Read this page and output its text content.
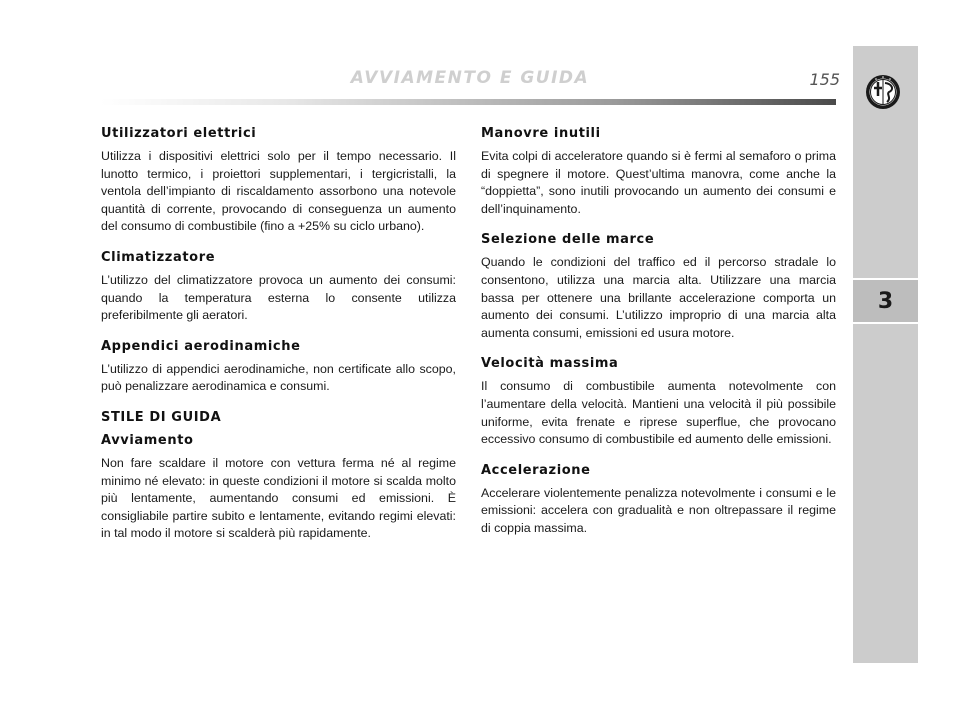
AVVIAMENTO E GUIDA	155
3
Utilizzatori elettrici

Utilizza i dispositivi elettrici solo per il tempo necessario. Il lunotto termico, i proiettori supplementari, i tergicristalli, la ventola dell’impianto di riscaldamento assorbono una notevole quantità di corrente, provocando di conseguenza un aumento del consumo di combustibile (fino a +25% su ciclo urbano).

Climatizzatore

L’utilizzo del climatizzatore provoca un aumento dei consumi: quando la temperatura esterna lo consente utilizza preferibilmente gli aeratori.

Appendici aerodinamiche

L’utilizzo di appendici aerodinamiche, non certificate allo scopo, può penalizzare aerodinamica e consumi.

STILE DI GUIDA
Avviamento

Non fare scaldare il motore con vettura ferma né al regime minimo né elevato: in queste condizioni il motore si scalda molto più lentamente, aumentando consumi ed emissioni. È consigliabile partire subito e lentamente, evitando regimi elevati: in tal modo il motore si scalderà più rapidamente.

Manovre inutili

Evita colpi di acceleratore quando si è fermi al semaforo o prima di spegnere il motore. Quest’ultima manovra, come anche la “doppietta”, sono inutili provocando un aumento dei consumi e dell’inquinamento.

Selezione delle marce

Quando le condizioni del traffico ed il percorso stradale lo consentono, utilizza una marcia alta. Utilizzare una marcia bassa per ottenere una brillante accelerazione comporta un aumento dei consumi. L’utilizzo improprio di una marcia alta aumenta consumi, emissioni ed usura motore.

Velocità massima

Il consumo di combustibile aumenta notevolmente con l’aumentare della velocità. Mantieni una velocità il più possibile uniforme, evita frenate e riprese superflue, che provocano eccessivo consumo di combustibile ed aumento delle emissioni.

Accelerazione

Accelerare violentemente penalizza notevolmente i consumi e le emissioni: accelera con gradualità e non oltrepassare il regime di coppia massima.
